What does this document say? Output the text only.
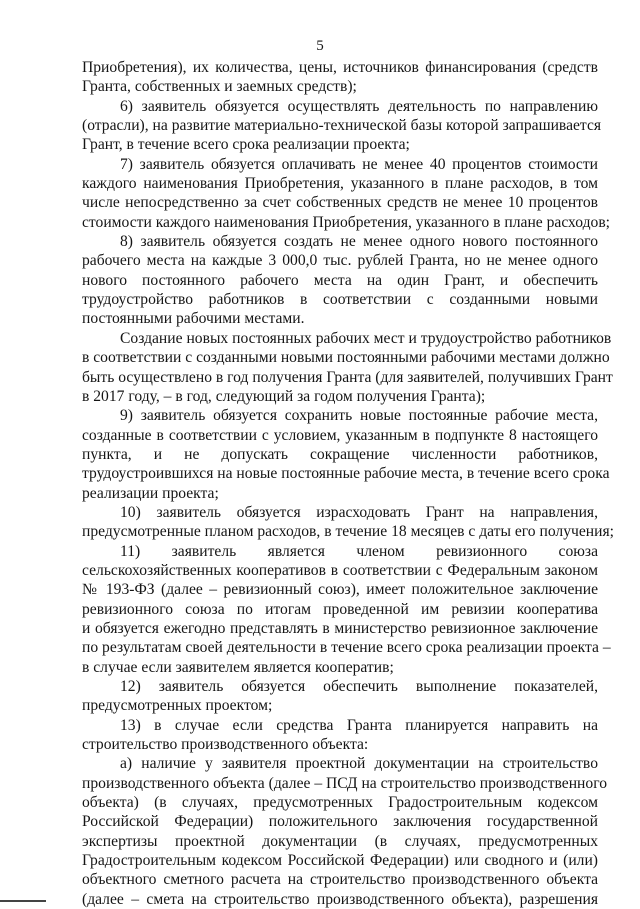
5
Приобретения), их количества, цены, источников финансирования (средств
Гранта, собственных и заемных средств);
6) заявитель обязуется осуществлять деятельность по направлению
(отрасли), на развитие материально-технической базы которой запрашивается
Грант, в течение всего срока реализации проекта;
7) заявитель обязуется оплачивать не менее 40 процентов стоимости
каждого наименования Приобретения, указанного в плане расходов, в том
числе непосредственно за счет собственных средств не менее 10 процентов
стоимости каждого наименования Приобретения, указанного в плане расходов;
8) заявитель обязуется создать не менее одного нового постоянного
рабочего места на каждые 3 000,0 тыс. рублей Гранта, но не менее одного
нового постоянного рабочего места на один Грант, и обеспечить
трудоустройство работников в соответствии с созданными новыми
постоянными рабочими местами.
Создание новых постоянных рабочих мест и трудоустройство работников
в соответствии с созданными новыми постоянными рабочими местами должно
быть осуществлено в год получения Гранта (для заявителей, получивших Грант
в 2017 году, – в год, следующий за годом получения Гранта);
9) заявитель обязуется сохранить новые постоянные рабочие места,
созданные в соответствии с условием, указанным в подпункте 8 настоящего
пункта, и не допускать сокращение численности работников,
трудоустроившихся на новые постоянные рабочие места, в течение всего срока
реализации проекта;
10) заявитель обязуется израсходовать Грант на направления,
предусмотренные планом расходов, в течение 18 месяцев с даты его получения;
11) заявитель является членом ревизионного союза
сельскохозяйственных кооперативов в соответствии с Федеральным законом
№ 193-ФЗ (далее – ревизионный союз), имеет положительное заключение
ревизионного союза по итогам проведенной им ревизии кооператива
и обязуется ежегодно представлять в министерство ревизионное заключение
по результатам своей деятельности в течение всего срока реализации проекта –
в случае если заявителем является кооператив;
12) заявитель обязуется обеспечить выполнение показателей,
предусмотренных проектом;
13) в случае если средства Гранта планируется направить на
строительство производственного объекта:
а) наличие у заявителя проектной документации на строительство
производственного объекта (далее – ПСД на строительство производственного
объекта) (в случаях, предусмотренных Градостроительным кодексом
Российской Федерации) положительного заключения государственной
экспертизы проектной документации (в случаях, предусмотренных
Градостроительным кодексом Российской Федерации) или сводного и (или)
объектного сметного расчета на строительство производственного объекта
(далее – смета на строительство производственного объекта), разрешения
